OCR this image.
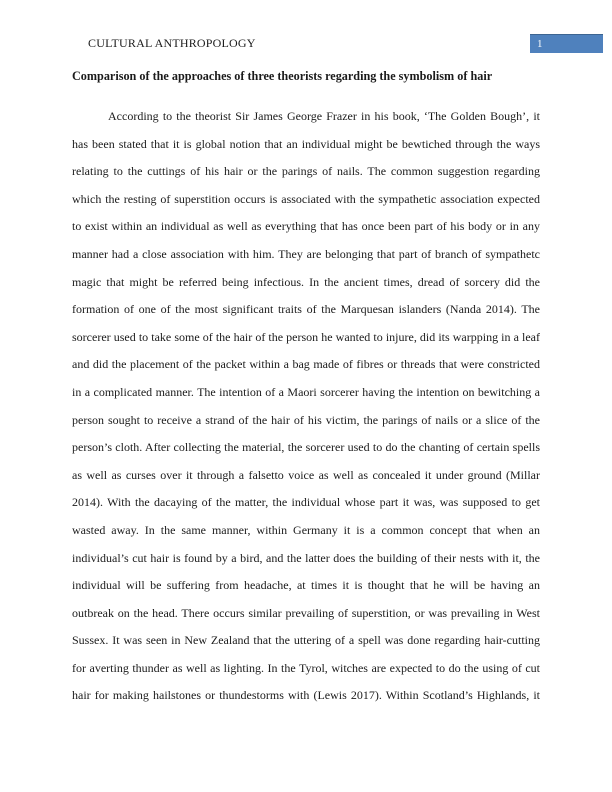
CULTURAL ANTHROPOLOGY	1
Comparison of the approaches of three theorists regarding the symbolism of hair
According to the theorist Sir James George Frazer in his book, ‘The Golden Bough’, it
has been stated that it is global notion that an individual might be bewtiched through the ways
relating to the cuttings of his hair or the parings of nails. The common suggestion regarding
which the resting of superstition occurs is associated with the sympathetic association expected
to exist within an individual as well as everything that has once been part of his body or in any
manner had a close association with him. They are belonging that part of branch of sympathetc
magic that might be referred being infectious. In the ancient times, dread of sorcery did the
formation of one of the most significant traits of the Marquesan islanders (Nanda 2014). The
sorcerer used to take some of the hair of the person he wanted to injure, did its warpping in a leaf
and did the placement of the packet within a bag made of fibres or threads that were constricted
in a complicated manner. The intention of a Maori sorcerer having the intention on bewitching a
person sought to receive a strand of the hair of his victim, the parings of nails or a slice of the
person’s cloth. After collecting the material, the sorcerer used to do the chanting of certain spells
as well as curses over it through a falsetto voice as well as concealed it under ground (Millar
2014). With the dacaying of the matter, the individual whose part it was, was supposed to get
wasted away. In the same manner, within Germany it is a common concept that when an
individual’s cut hair is found by a bird, and the latter does the building of their nests with it, the
individual will be suffering from headache, at times it is thought that he will be having an
outbreak on the head. There occurs similar prevailing of superstition, or was prevailing in West
Sussex. It was seen in New Zealand that the uttering of a spell was done regarding hair-cutting
for averting thunder as well as lighting. In the Tyrol, witches are expected to do the using of cut
hair for making hailstones or thundestorms with (Lewis 2017). Within Scotland’s Highlands, it
